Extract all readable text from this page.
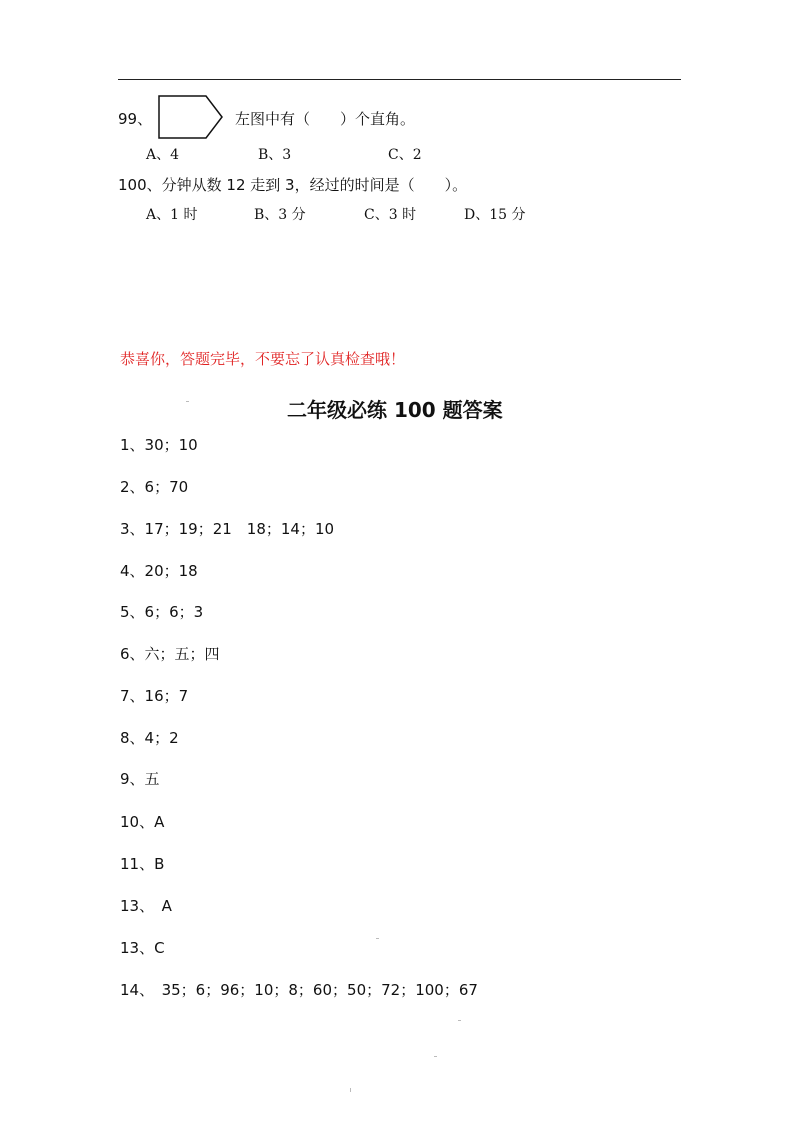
99、	左图中有（　　）个直角。
A、4	B、3	C、2
100、分钟从数 12 走到 3，经过的时间是（　　）。
A、1 时	B、3 分	C、3 时	D、15 分
恭喜你，答题完毕，不要忘了认真检查哦！
二年级必练 100 题答案
1、30；10
2、6；70
3、17；19；21　18；14；10
4、20；18
5、6；6；3
6、六；五；四
7、16；7
8、4；2
9、五
10、A
11、B
13、　A
13、C
14、　35；6；96；10；8；60；50；72；100；67
